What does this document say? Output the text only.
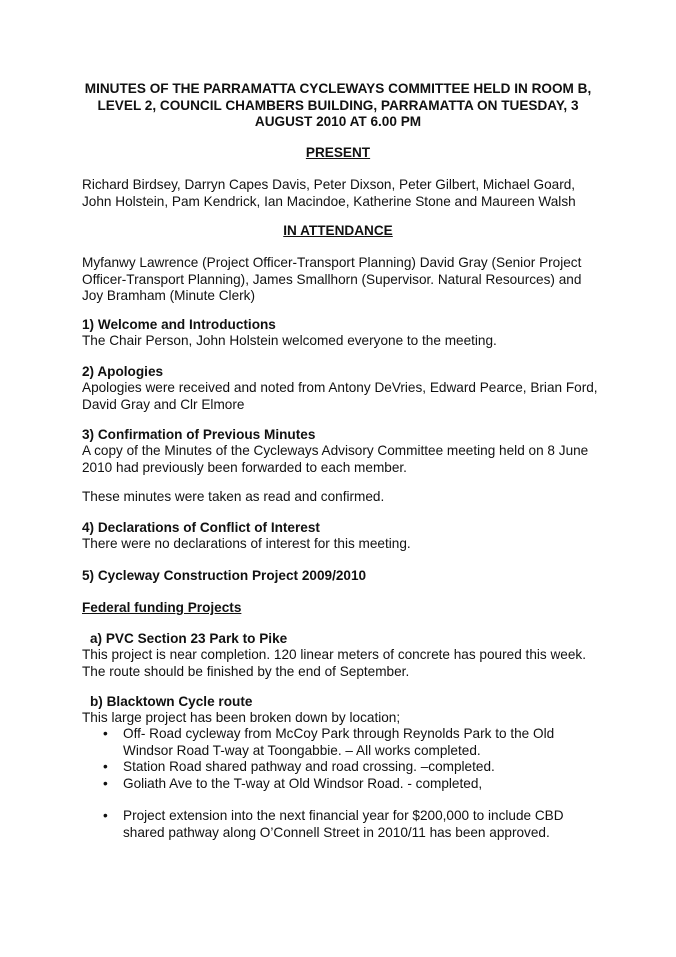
MINUTES OF THE PARRAMATTA CYCLEWAYS COMMITTEE HELD IN ROOM B, LEVEL 2, COUNCIL CHAMBERS BUILDING, PARRAMATTA ON TUESDAY, 3 AUGUST 2010 AT 6.00 PM

PRESENT

Richard Birdsey, Darryn Capes Davis, Peter Dixson, Peter Gilbert, Michael Goard, John Holstein, Pam Kendrick, Ian Macindoe, Katherine Stone and Maureen Walsh

IN ATTENDANCE

Myfanwy Lawrence (Project Officer-Transport Planning) David Gray (Senior Project Officer-Transport Planning), James Smallhorn (Supervisor. Natural Resources) and Joy Bramham (Minute Clerk)

1) Welcome and Introductions

The Chair Person, John Holstein welcomed everyone to the meeting.

2) Apologies

Apologies were received and noted from Antony DeVries, Edward Pearce, Brian Ford, David Gray and Clr Elmore

3) Confirmation of Previous Minutes

A copy of the Minutes of the Cycleways Advisory Committee meeting held on 8 June 2010 had previously been forwarded to each member.

These minutes were taken as read and confirmed.

4) Declarations of Conflict of Interest

There were no declarations of interest for this meeting.

5) Cycleway Construction Project 2009/2010

Federal funding Projects

a) PVC Section 23 Park to Pike

This project is near completion. 120 linear meters of concrete has poured this week. The route should be finished by the end of September.

b) Blacktown Cycle route

This large project has been broken down by location;

• Off- Road cycleway from McCoy Park through Reynolds Park to the Old Windsor Road T-way at Toongabbie. – All works completed.
• Station Road shared pathway and road crossing. –completed.
• Goliath Ave to the T-way at Old Windsor Road. - completed,
• Project extension into the next financial year for $200,000 to include CBD shared pathway along O’Connell Street in 2010/11 has been approved.
